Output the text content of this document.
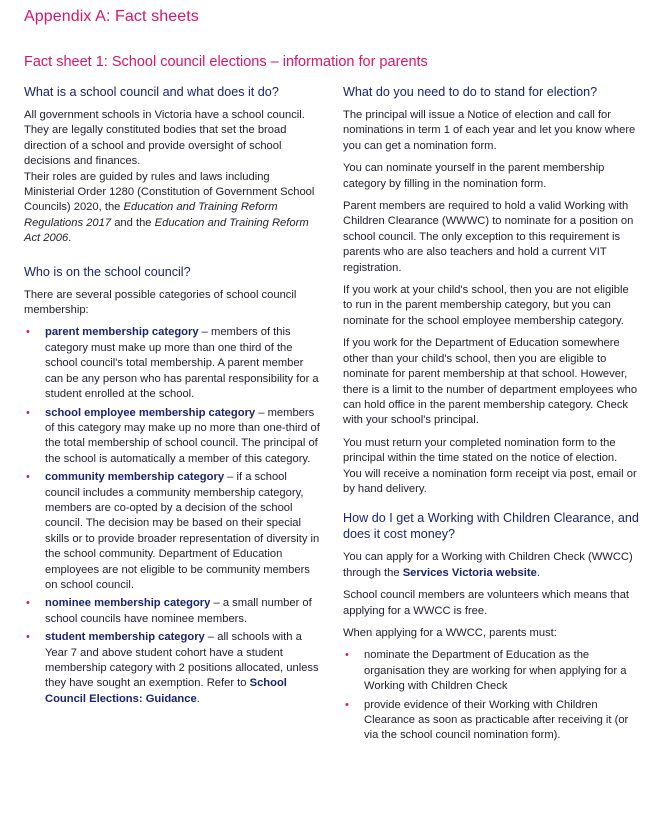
Appendix A: Fact sheets
Fact sheet 1: School council elections – information for parents
What is a school council and what does it do?

All government schools in Victoria have a school council. They are legally constituted bodies that set the broad direction of a school and provide oversight of school decisions and finances.

Their roles are guided by rules and laws including Ministerial Order 1280 (Constitution of Government School Councils) 2020, the Education and Training Reform Regulations 2017 and the Education and Training Reform Act 2006.

Who is on the school council?

There are several possible categories of school council membership:

• parent membership category – members of this category must make up more than one third of the school council's total membership. A parent member can be any person who has parental responsibility for a student enrolled at the school.
• school employee membership category – members of this category may make up no more than one-third of the total membership of school council. The principal of the school is automatically a member of this category.
• community membership category – if a school council includes a community membership category, members are co-opted by a decision of the school council. The decision may be based on their special skills or to provide broader representation of diversity in the school community. Department of Education employees are not eligible to be community members on school council.
• nominee membership category – a small number of school councils have nominee members.
• student membership category – all schools with a Year 7 and above student cohort have a student membership category with 2 positions allocated, unless they have sought an exemption. Refer to School Council Elections: Guidance.
What do you need to do to stand for election?

The principal will issue a Notice of election and call for nominations in term 1 of each year and let you know where you can get a nomination form.

You can nominate yourself in the parent membership category by filling in the nomination form.

Parent members are required to hold a valid Working with Children Clearance (WWWC) to nominate for a position on school council. The only exception to this requirement is parents who are also teachers and hold a current VIT registration.

If you work at your child's school, then you are not eligible to run in the parent membership category, but you can nominate for the school employee membership category.

If you work for the Department of Education somewhere other than your child's school, then you are eligible to nominate for parent membership at that school. However, there is a limit to the number of department employees who can hold office in the parent membership category. Check with your school's principal.

You must return your completed nomination form to the principal within the time stated on the notice of election. You will receive a nomination form receipt via post, email or by hand delivery.

How do I get a Working with Children Clearance, and does it cost money?

You can apply for a Working with Children Check (WWCC) through the Services Victoria website.

School council members are volunteers which means that applying for a WWCC is free.

When applying for a WWCC, parents must:

• nominate the Department of Education as the organisation they are working for when applying for a Working with Children Check
• provide evidence of their Working with Children Clearance as soon as practicable after receiving it (or via the school council nomination form).
